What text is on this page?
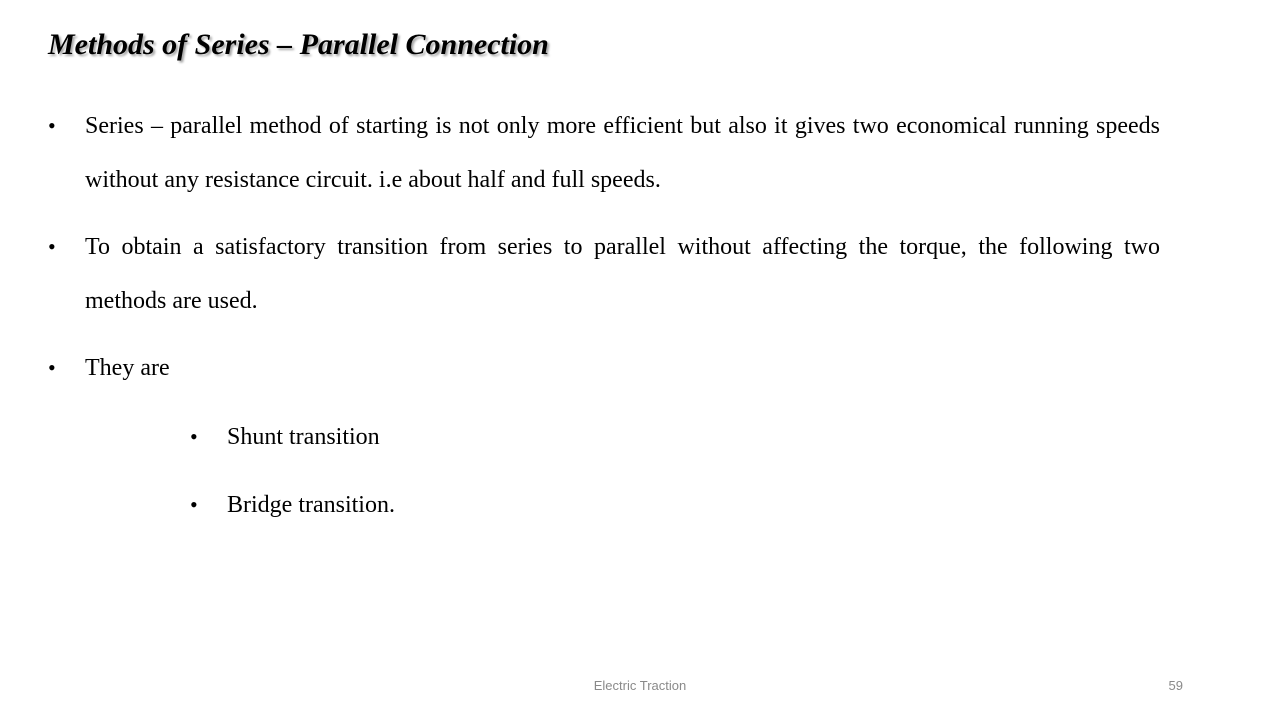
Methods of Series – Parallel Connection
• Series – parallel method of starting is not only more efficient but also it gives two economical running speeds without any resistance circuit. i.e about half and full speeds.
• To obtain a satisfactory transition from series to parallel without affecting the torque, the following two methods are used.
• They are
• Shunt transition
• Bridge transition.
Electric Traction	59
